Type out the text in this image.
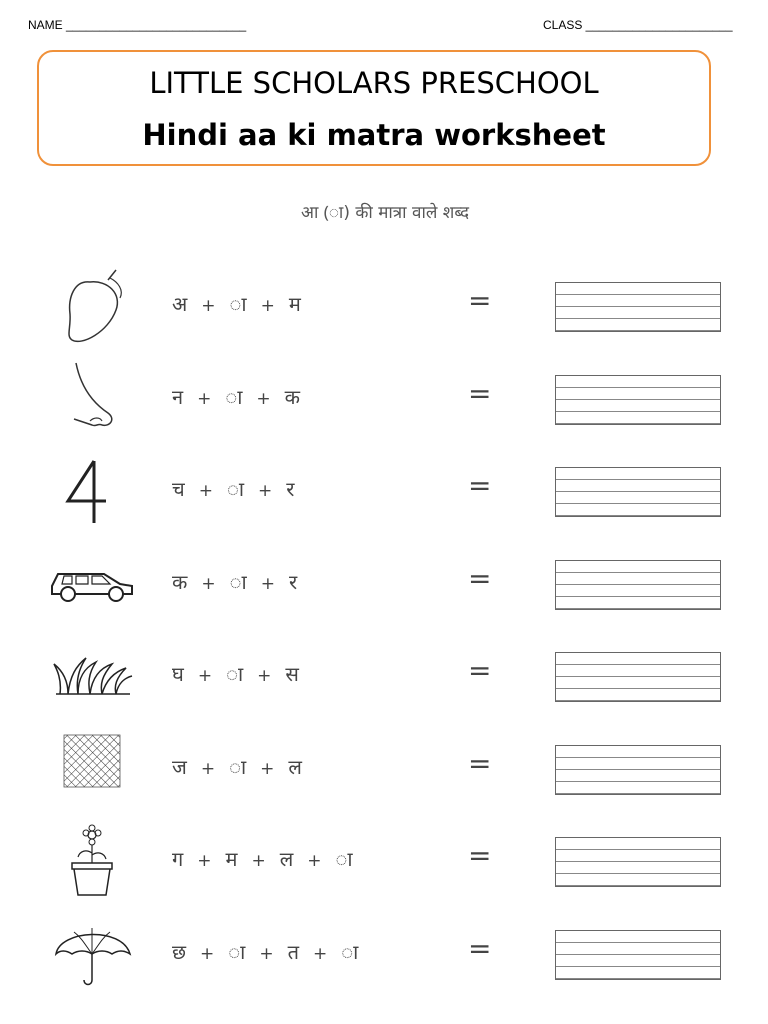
NAME ___________________________	CLASS ______________________
LITTLE SCHOLARS PRESCHOOL
Hindi aa ki matra worksheet
आ (ा) की मात्रा वाले शब्द
अ + ा + म	=
न + ा + क	=
च + ा + र	=
क + ा + र	=
घ + ा + स	=
ज + ा + ल	=
ग + म + ल + ा	=
छ + ा + त + ा	=
